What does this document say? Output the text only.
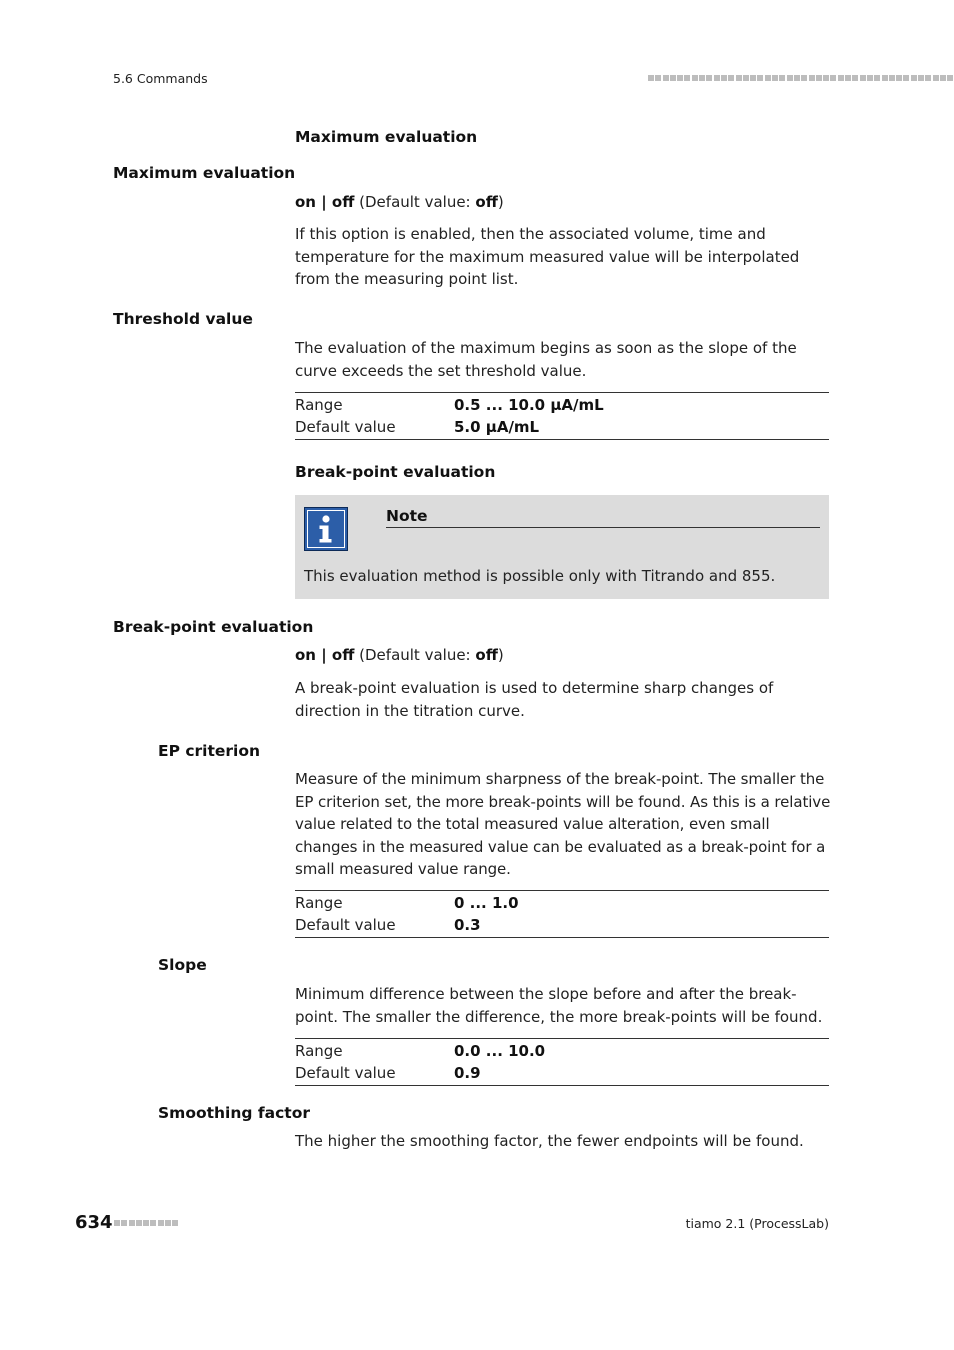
5.6 Commands
Maximum evaluation
Maximum evaluation
on | off (Default value: off)
If this option is enabled, then the associated volume, time and temperature for the maximum measured value will be interpolated from the measuring point list.
Threshold value
The evaluation of the maximum begins as soon as the slope of the curve exceeds the set threshold value.
Range	0.5 ... 10.0 µA/mL
Default value	5.0 µA/mL
Break-point evaluation
Note
This evaluation method is possible only with Titrando and 855.
Break-point evaluation
on | off (Default value: off)
A break-point evaluation is used to determine sharp changes of direction in the titration curve.
EP criterion
Measure of the minimum sharpness of the break-point. The smaller the EP criterion set, the more break-points will be found. As this is a relative value related to the total measured value alteration, even small changes in the measured value can be evaluated as a break-point for a small measured value range.
Range	0 ... 1.0
Default value	0.3
Slope
Minimum difference between the slope before and after the break-point. The smaller the difference, the more break-points will be found.
Range	0.0 ... 10.0
Default value	0.9
Smoothing factor
The higher the smoothing factor, the fewer endpoints will be found.
634	tiamo 2.1 (ProcessLab)
